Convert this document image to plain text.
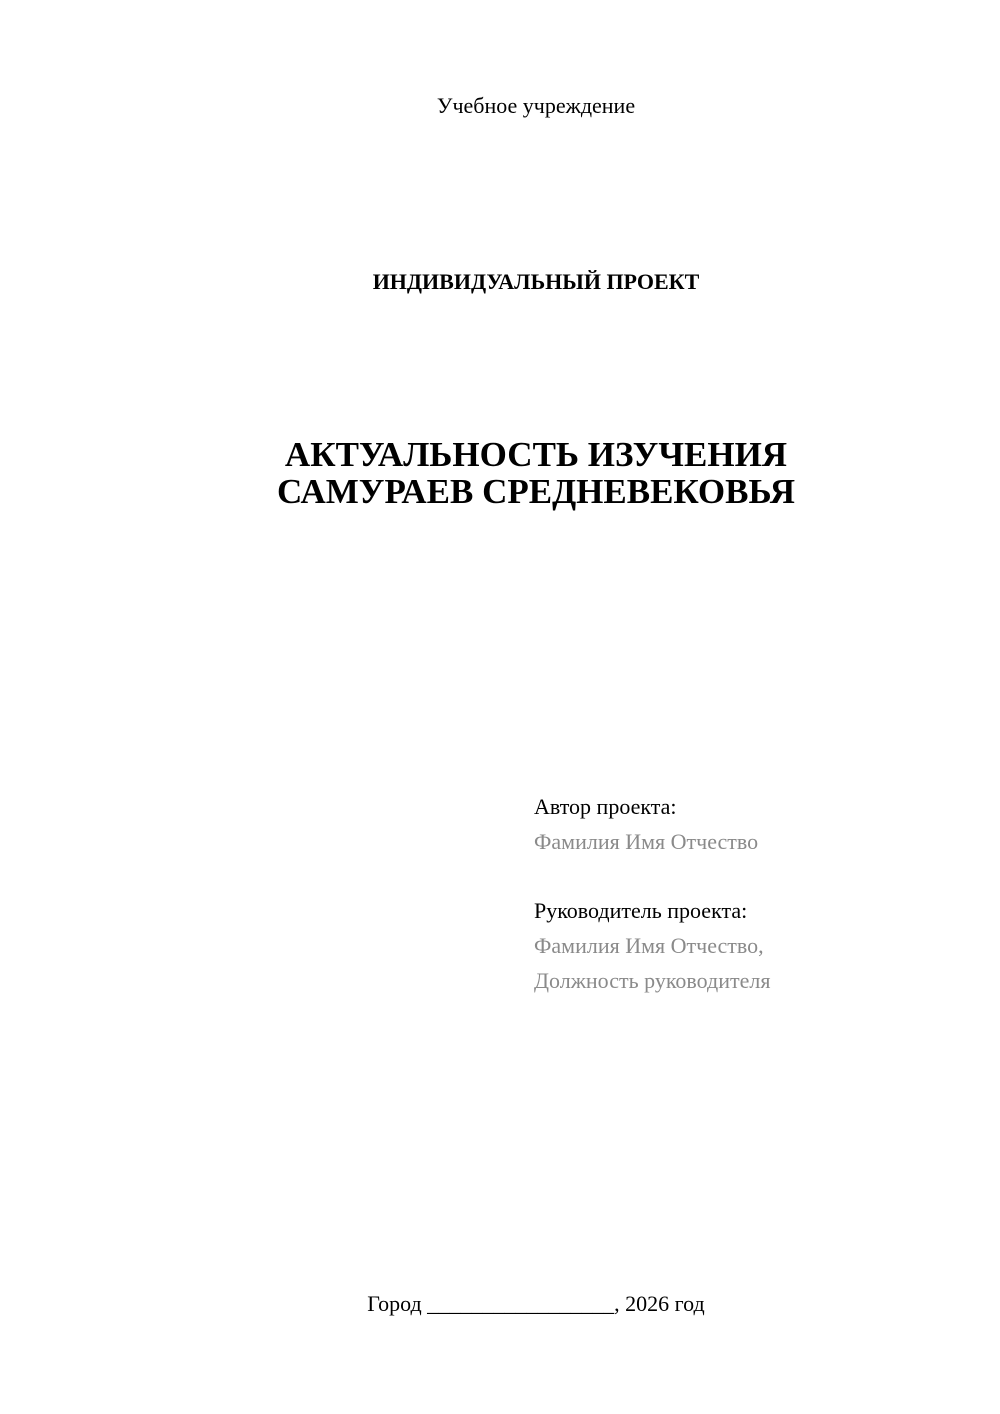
Учебное учреждение
ИНДИВИДУАЛЬНЫЙ ПРОЕКТ
АКТУАЛЬНОСТЬ ИЗУЧЕНИЯ
САМУРАЕВ СРЕДНЕВЕКОВЬЯ
Автор проекта:
Фамилия Имя Отчество
Руководитель проекта:
Фамилия Имя Отчество,
Должность руководителя
Город _________________, 2026 год
